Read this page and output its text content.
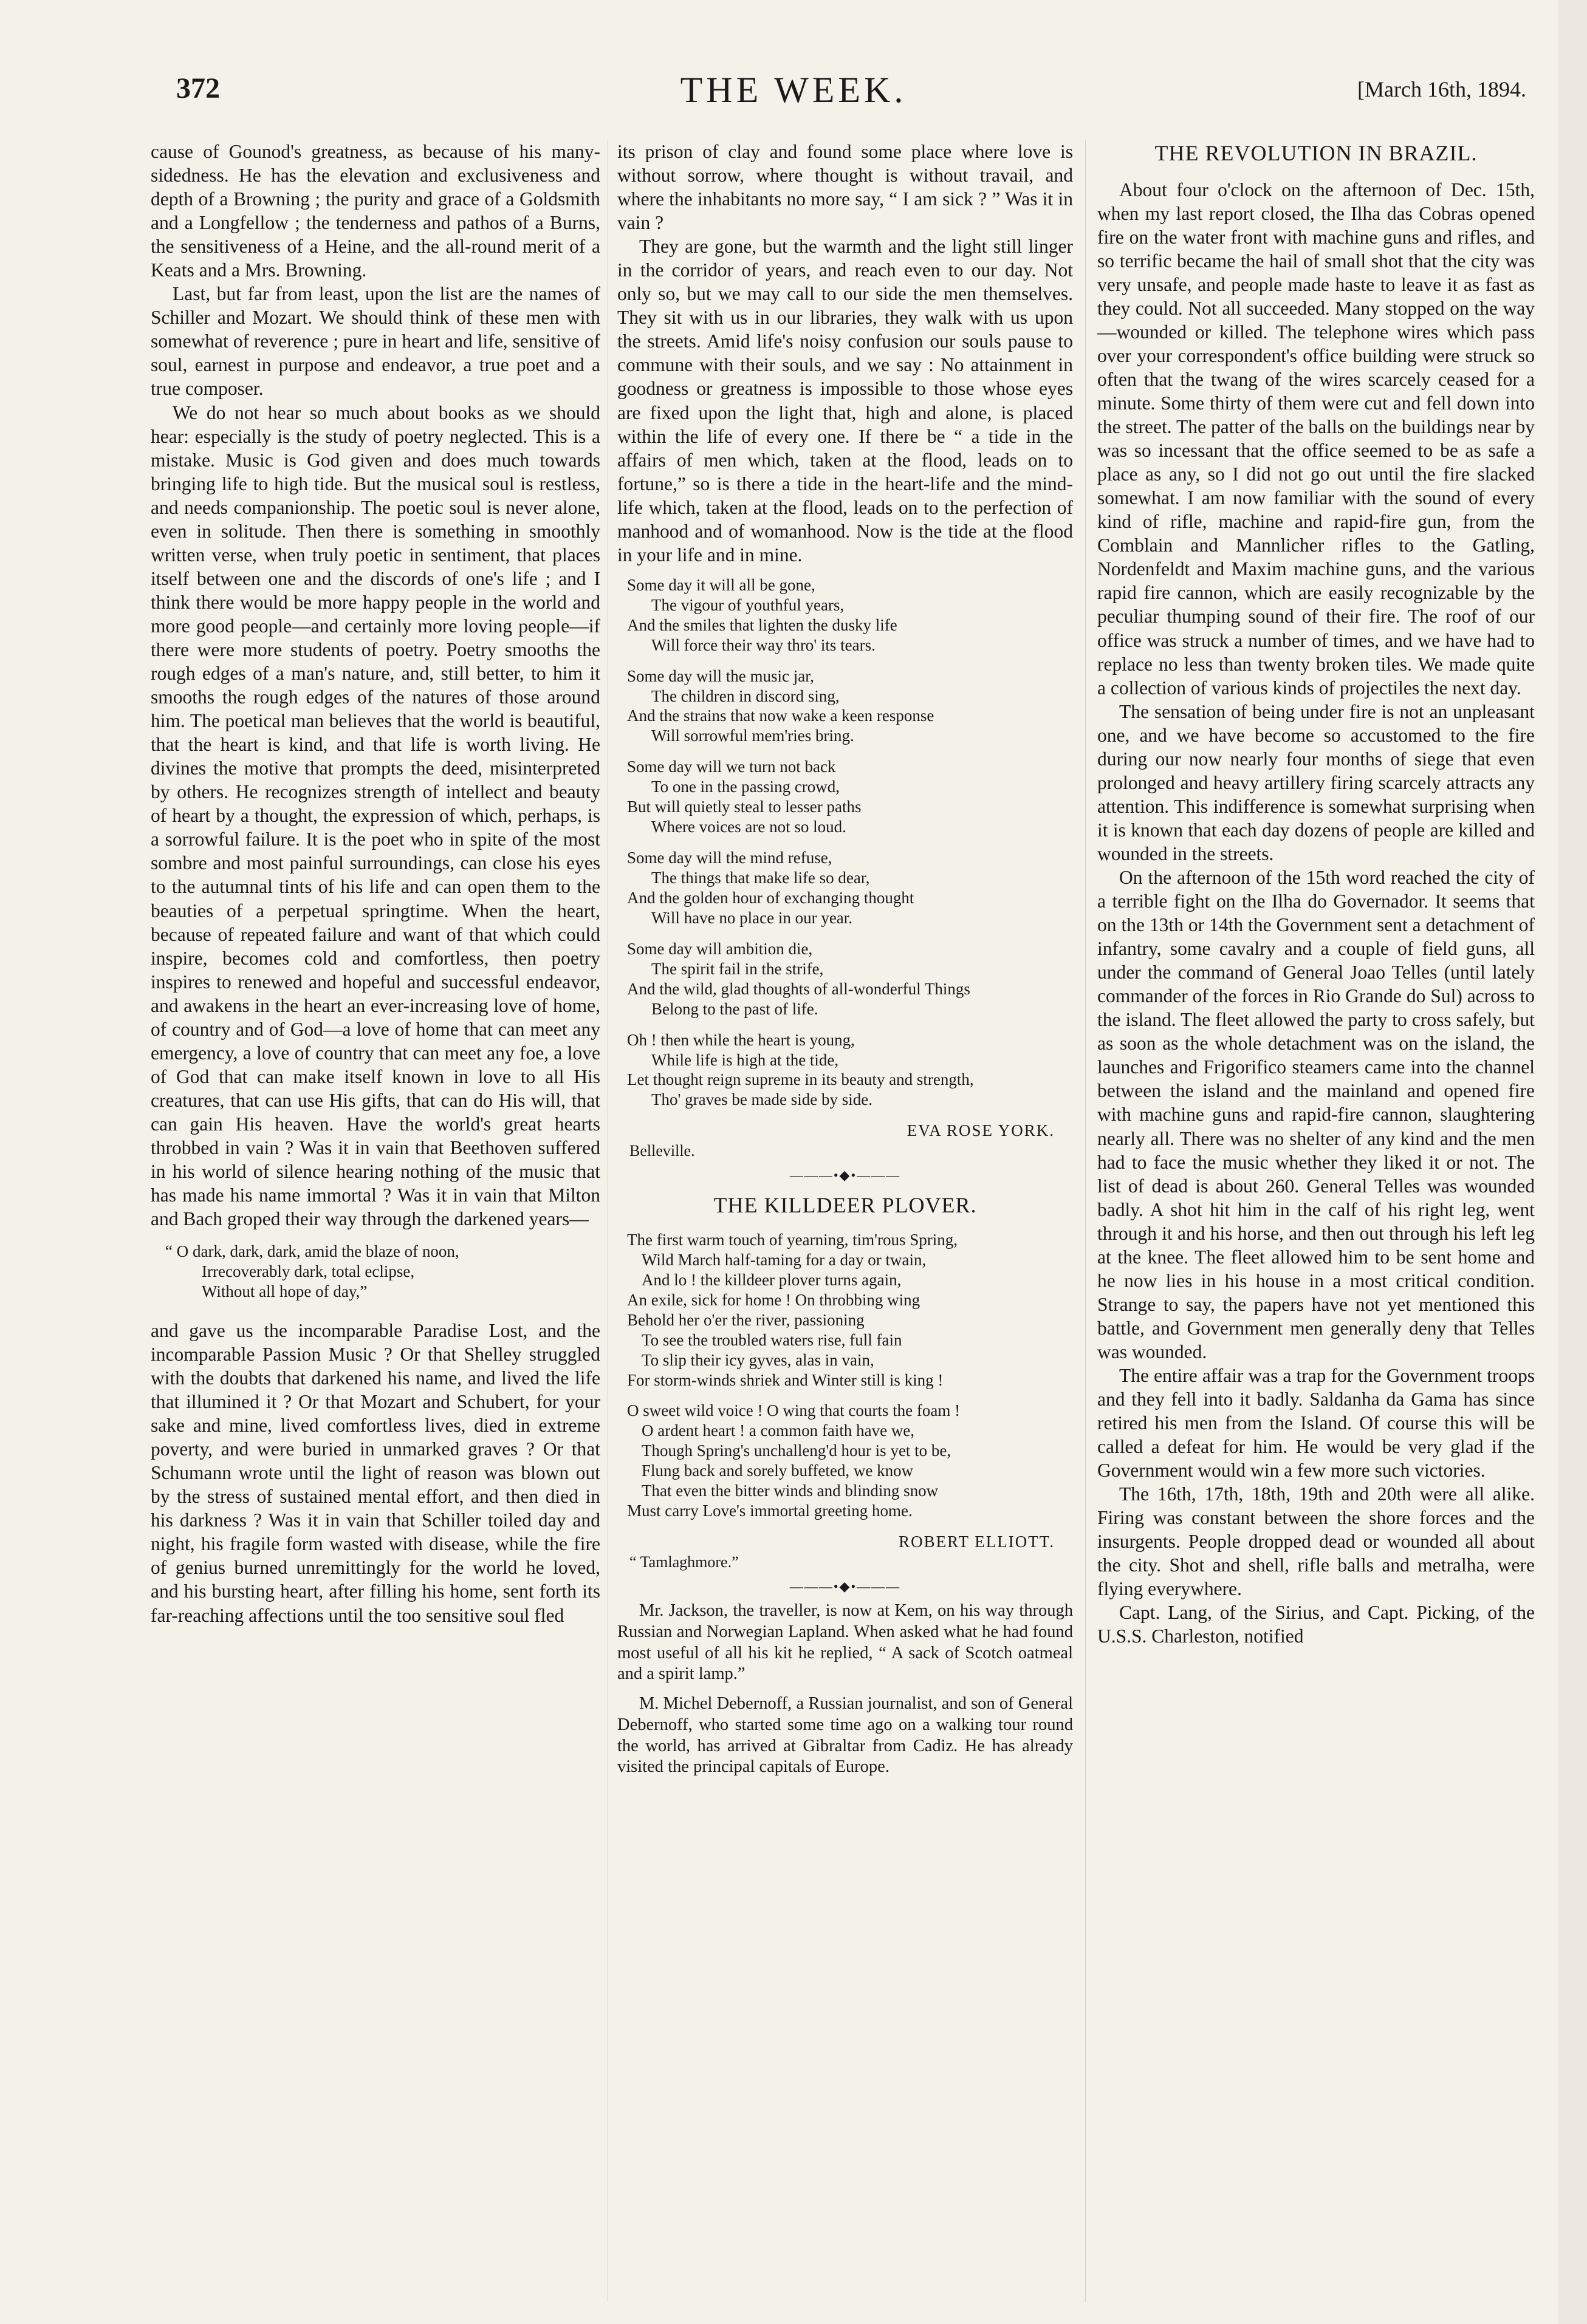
372	THE WEEK.	[March 16th, 1894.

cause of Gounod's greatness, as because of his many-sidedness. He has the elevation and exclusiveness and depth of a Browning ; the purity and grace of a Goldsmith and a Longfellow ; the tenderness and pathos of a Burns, the sensitiveness of a Heine, and the all-round merit of a Keats and a Mrs. Browning.

Last, but far from least, upon the list are the names of Schiller and Mozart. We should think of these men with somewhat of reverence ; pure in heart and life, sensitive of soul, earnest in purpose and endeavor, a true poet and a true composer.

We do not hear so much about books as we should hear: especially is the study of poetry neglected. This is a mistake. Music is God given and does much towards bringing life to high tide. But the musical soul is restless, and needs companionship. The poetic soul is never alone, even in solitude. Then there is something in smoothly written verse, when truly poetic in sentiment, that places itself between one and the discords of one's life ; and I think there would be more happy people in the world and more good people—and certainly more loving people—if there were more students of poetry. Poetry smooths the rough edges of a man's nature, and, still better, to him it smooths the rough edges of the natures of those around him. The poetical man believes that the world is beautiful, that the heart is kind, and that life is worth living. He divines the motive that prompts the deed, misinterpreted by others. He recognizes strength of intellect and beauty of heart by a thought, the expression of which, perhaps, is a sorrowful failure. It is the poet who in spite of the most sombre and most painful surroundings, can close his eyes to the autumnal tints of his life and can open them to the beauties of a perpetual springtime. When the heart, because of repeated failure and want of that which could inspire, becomes cold and comfortless, then poetry inspires to renewed and hopeful and successful endeavor, and awakens in the heart an ever-increasing love of home, of country and of God—a love of home that can meet any emergency, a love of country that can meet any foe, a love of God that can make itself known in love to all His creatures, that can use His gifts, that can do His will, that can gain His heaven. Have the world's great hearts throbbed in vain ? Was it in vain that Beethoven suffered in his world of silence hearing nothing of the music that has made his name immortal ? Was it in vain that Milton and Bach groped their way through the darkened years—

“ O dark, dark, dark, amid the blaze of noon,
Irrecoverably dark, total eclipse,
Without all hope of day,”

and gave us the incomparable Paradise Lost, and the incomparable Passion Music ? Or that Shelley struggled with the doubts that darkened his name, and lived the life that illumined it ? Or that Mozart and Schubert, for your sake and mine, lived comfortless lives, died in extreme poverty, and were buried in unmarked graves ? Or that Schumann wrote until the light of reason was blown out by the stress of sustained mental effort, and then died in his darkness ? Was it in vain that Schiller toiled day and night, his fragile form wasted with disease, while the fire of genius burned unremittingly for the world he loved, and his bursting heart, after filling his home, sent forth its far-reaching affections until the too sensitive soul fled

its prison of clay and found some place where love is without sorrow, where thought is without travail, and where the inhabitants no more say, “ I am sick ? ” Was it in vain ?

They are gone, but the warmth and the light still linger in the corridor of years, and reach even to our day. Not only so, but we may call to our side the men themselves. They sit with us in our libraries, they walk with us upon the streets. Amid life's noisy confusion our souls pause to commune with their souls, and we say : No attainment in goodness or greatness is impossible to those whose eyes are fixed upon the light that, high and alone, is placed within the life of every one. If there be “ a tide in the affairs of men which, taken at the flood, leads on to fortune,” so is there a tide in the heart-life and the mind-life which, taken at the flood, leads on to the perfection of manhood and of womanhood. Now is the tide at the flood in your life and in mine.

Some day it will all be gone,
The vigour of youthful years,
And the smiles that lighten the dusky life
Will force their way thro' its tears.
Some day will the music jar,
The children in discord sing,
And the strains that now wake a keen response
Will sorrowful mem'ries bring.
Some day will we turn not back
To one in the passing crowd,
But will quietly steal to lesser paths
Where voices are not so loud.
Some day will the mind refuse,
The things that make life so dear,
And the golden hour of exchanging thought
Will have no place in our year.
Some day will ambition die,
The spirit fail in the strife,
And the wild, glad thoughts of all-wonderful Things
Belong to the past of life.
Oh ! then while the heart is young,
While life is high at the tide,
Let thought reign supreme in its beauty and strength,
Tho' graves be made side by side.
EVA ROSE YORK.
Belleville.
———•◆•———
THE KILLDEER PLOVER.
The first warm touch of yearning, tim'rous Spring,
Wild March half-taming for a day or twain,
And lo ! the killdeer plover turns again,
An exile, sick for home ! On throbbing wing
Behold her o'er the river, passioning
To see the troubled waters rise, full fain
To slip their icy gyves, alas in vain,
For storm-winds shriek and Winter still is king !
O sweet wild voice ! O wing that courts the foam !
O ardent heart ! a common faith have we,
Though Spring's unchalleng'd hour is yet to be,
Flung back and sorely buffeted, we know
That even the bitter winds and blinding snow
Must carry Love's immortal greeting home.
ROBERT ELLIOTT.
“ Tamlaghmore.”
———•◆•———

Mr. Jackson, the traveller, is now at Kem, on his way through Russian and Norwegian Lapland. When asked what he had found most useful of all his kit he replied, “ A sack of Scotch oatmeal and a spirit lamp.”

M. Michel Debernoff, a Russian journalist, and son of General Debernoff, who started some time ago on a walking tour round the world, has arrived at Gibraltar from Cadiz. He has already visited the principal capitals of Europe.

THE REVOLUTION IN BRAZIL.

About four o'clock on the afternoon of Dec. 15th, when my last report closed, the Ilha das Cobras opened fire on the water front with machine guns and rifles, and so terrific became the hail of small shot that the city was very unsafe, and people made haste to leave it as fast as they could. Not all succeeded. Many stopped on the way—wounded or killed. The telephone wires which pass over your correspondent's office building were struck so often that the twang of the wires scarcely ceased for a minute. Some thirty of them were cut and fell down into the street. The patter of the balls on the buildings near by was so incessant that the office seemed to be as safe a place as any, so I did not go out until the fire slacked somewhat. I am now familiar with the sound of every kind of rifle, machine and rapid-fire gun, from the Comblain and Mannlicher rifles to the Gatling, Nordenfeldt and Maxim machine guns, and the various rapid fire cannon, which are easily recognizable by the peculiar thumping sound of their fire. The roof of our office was struck a number of times, and we have had to replace no less than twenty broken tiles. We made quite a collection of various kinds of projectiles the next day.

The sensation of being under fire is not an unpleasant one, and we have become so accustomed to the fire during our now nearly four months of siege that even prolonged and heavy artillery firing scarcely attracts any attention. This indifference is somewhat surprising when it is known that each day dozens of people are killed and wounded in the streets.

On the afternoon of the 15th word reached the city of a terrible fight on the Ilha do Governador. It seems that on the 13th or 14th the Government sent a detachment of infantry, some cavalry and a couple of field guns, all under the command of General Joao Telles (until lately commander of the forces in Rio Grande do Sul) across to the island. The fleet allowed the party to cross safely, but as soon as the whole detachment was on the island, the launches and Frigorifico steamers came into the channel between the island and the mainland and opened fire with machine guns and rapid-fire cannon, slaughtering nearly all. There was no shelter of any kind and the men had to face the music whether they liked it or not. The list of dead is about 260. General Telles was wounded badly. A shot hit him in the calf of his right leg, went through it and his horse, and then out through his left leg at the knee. The fleet allowed him to be sent home and he now lies in his house in a most critical condition. Strange to say, the papers have not yet mentioned this battle, and Government men generally deny that Telles was wounded.

The entire affair was a trap for the Government troops and they fell into it badly. Saldanha da Gama has since retired his men from the Island. Of course this will be called a defeat for him. He would be very glad if the Government would win a few more such victories.

The 16th, 17th, 18th, 19th and 20th were all alike. Firing was constant between the shore forces and the insurgents. People dropped dead or wounded all about the city. Shot and shell, rifle balls and metralha, were flying everywhere.

Capt. Lang, of the Sirius, and Capt. Picking, of the U.S.S. Charleston, notified
